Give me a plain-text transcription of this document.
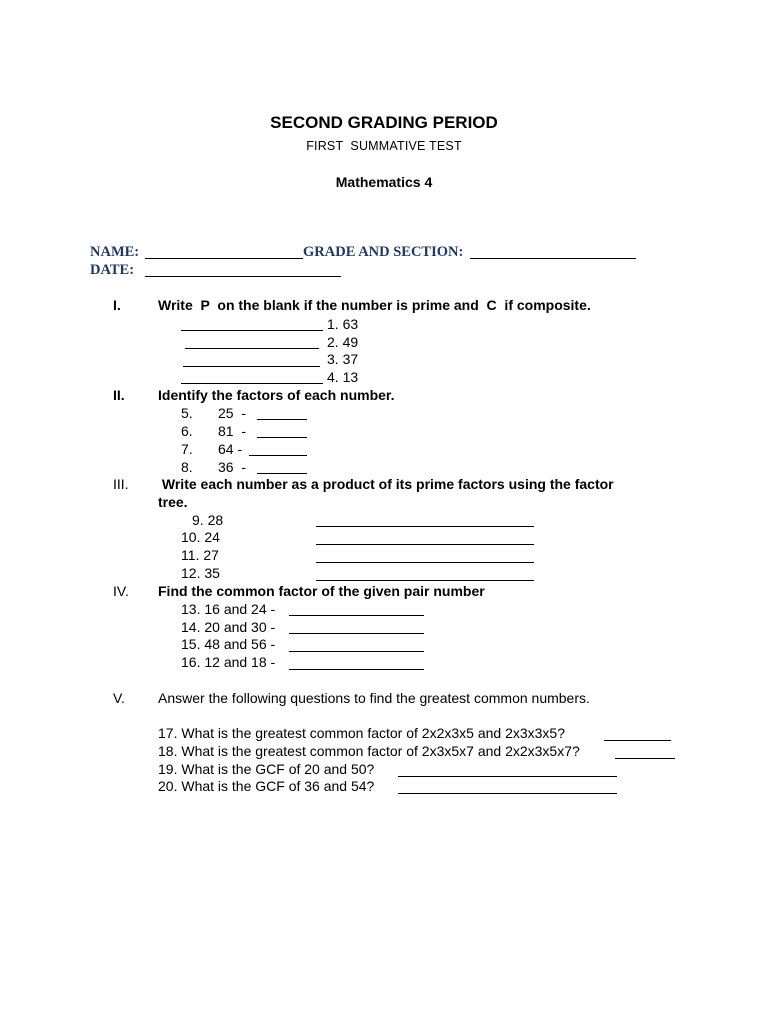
SECOND GRADING PERIOD
FIRST  SUMMATIVE TEST
Mathematics 4
NAME:	GRADE AND SECTION:
DATE:
I.	Write  P  on the blank if the number is prime and  C  if composite.
1. 63
2. 49
3. 37
4. 13
II. Identify the factors of each number.
5. 25  -
6. 81  -
7. 64 -
8. 36  -
III. Write each number as a product of its prime factors using the factor
tree.
9. 28
10. 24
11. 27
12. 35
IV. Find the common factor of the given pair number
13. 16 and 24 -
14. 20 and 30 -
15. 48 and 56 -
16. 12 and 18 -
V. Answer the following questions to find the greatest common numbers.
17. What is the greatest common factor of 2x2x3x5 and 2x3x3x5?
18. What is the greatest common factor of 2x3x5x7 and 2x2x3x5x7?
19. What is the GCF of 20 and 50?
20. What is the GCF of 36 and 54?
